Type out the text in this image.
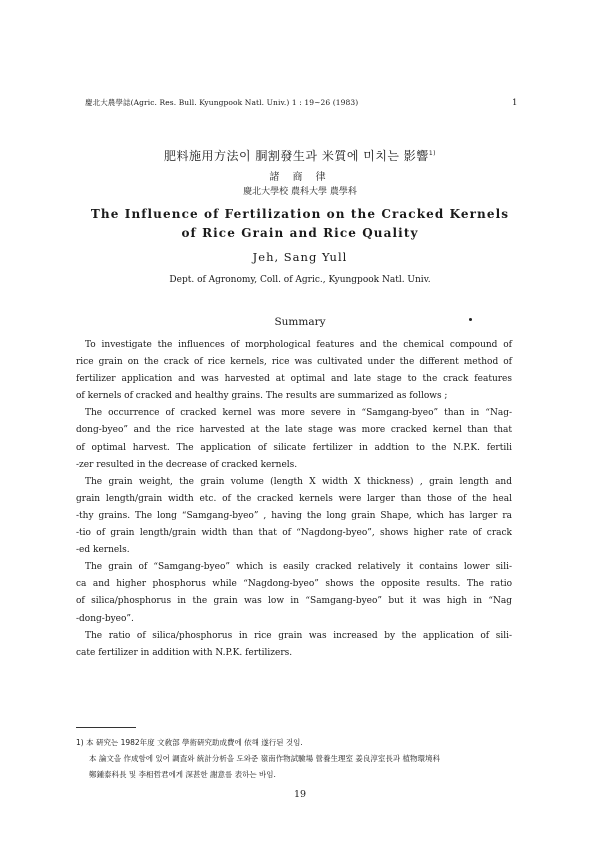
慶北大農學誌(Agric. Res. Bull. Kyungpook Natl. Univ.) 1 : 19~26 (1983)	1
肥料施用方法이 胴割發生과 米質에 미치는 影響$^{1)}$
諸 商 律
慶北大學校 農科大學 農學科
The Influence of Fertilization on the Cracked Kernels
of Rice Grain and Rice Quality
Jeh, Sang Yull
Dept. of Agronomy, Coll. of Agric., Kyungpook Natl. Univ.
Summary

To investigate the influences of morphological features and the chemical compound of

rice grain on the crack of rice kernels, rice was cultivated under the different method of

fertilizer application and was harvested at optimal and late stage to the crack features

of kernels of cracked and healthy grains. The results are summarized as follows ;

The occurrence of cracked kernel was more severe in “Samgang-byeo” than in “Nag-

dong-byeo” and the rice harvested at the late stage was more cracked kernel than that

of optimal harvest. The application of silicate fertilizer in addtion to the N.P.K. fertili

-zer resulted in the decrease of cracked kernels.

The grain weight, the grain volume (length X width X thickness) , grain length and

grain length/grain width etc. of the cracked kernels were larger than those of the heal

-thy grains. The long “Samgang-byeo” , having the long grain Shape, which has larger ra

-tio of grain length/grain width than that of “Nagdong-byeo”, shows higher rate of crack

-ed kernels.

The grain of “Samgang-byeo” which is easily cracked relatively it contains lower sili-

ca and higher phosphorus while “Nagdong-byeo” shows the opposite results. The ratio

of silica/phosphorus in the grain was low in “Samgang-byeo” but it was high in “Nag

-dong-byeo”.

The ratio of silica/phosphorus in rice grain was increased by the application of sili-

cate fertilizer in addition with N.P.K. fertilizers.

1) 本 硏究는 1982年度 文敎部 學術硏究助成費에 依해 遂行된 것임.

本 論文을 作成함에 있어 調査와 統計分析을 도와준 嶺南作物試驗場 營養生理室 姜良淳室長과 植物環境科

鄭鍾泰科長 및 李相哲君에게 深甚한 謝意를 表하는 바임.

19
